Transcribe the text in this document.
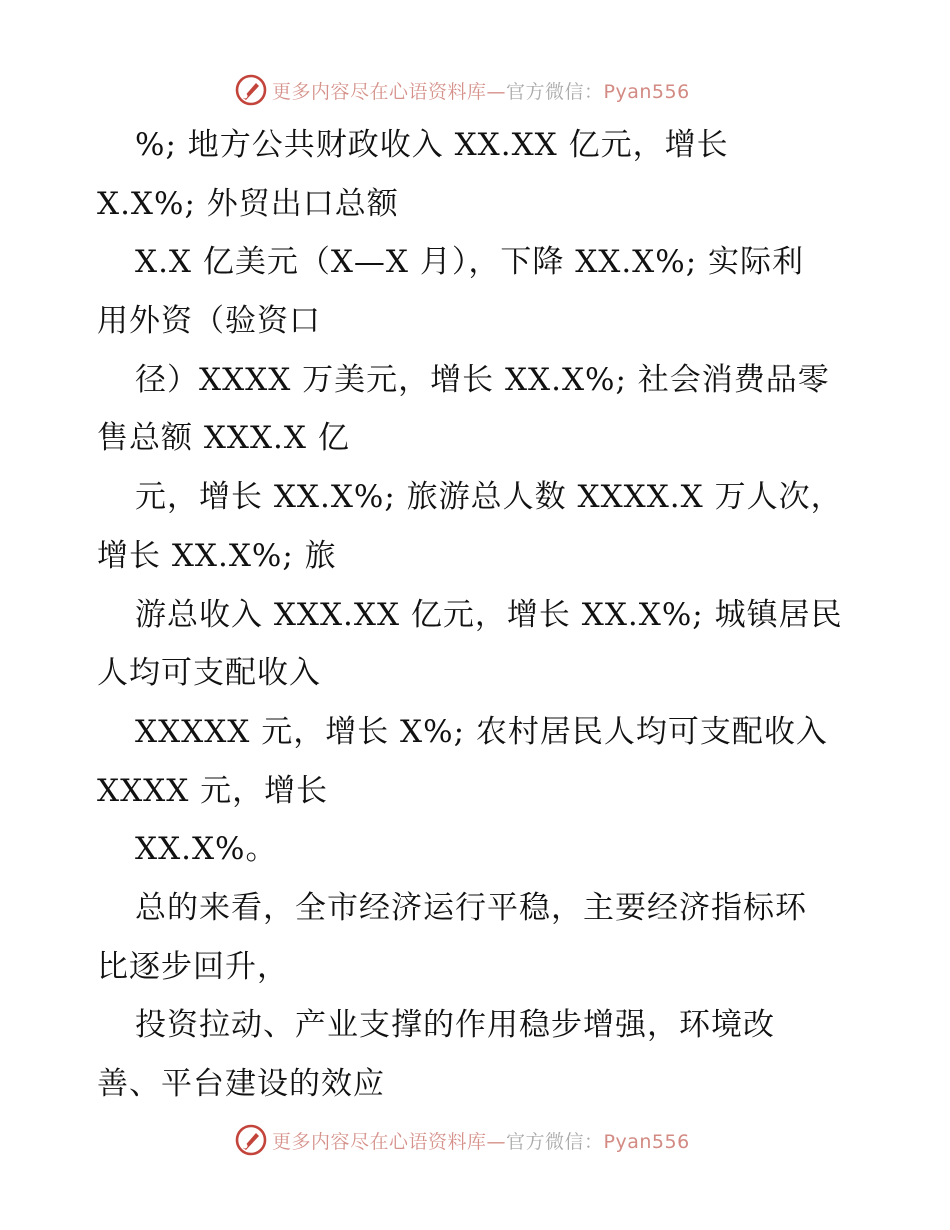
更多内容尽在心语资料库—官方微信：Pyan556
%; 地方公共财政收入 XX.XX 亿元，增长
X.X%; 外贸出口总额
X.X 亿美元（X—X 月），下降 XX.X%; 实际利
用外资（验资口
径）XXXX 万美元，增长 XX.X%; 社会消费品零
售总额 XXX.X 亿
元，增长 XX.X%; 旅游总人数 XXXX.X 万人次，
增长 XX.X%; 旅
游总收入 XXX.XX 亿元，增长 XX.X%; 城镇居民
人均可支配收入
XXXXX 元，增长 X%; 农村居民人均可支配收入
XXXX 元，增长
XX.X%。
总的来看，全市经济运行平稳，主要经济指标环
比逐步回升，
投资拉动、产业支撑的作用稳步增强，环境改
善、平台建设的效应
更多内容尽在心语资料库—官方微信：Pyan556
